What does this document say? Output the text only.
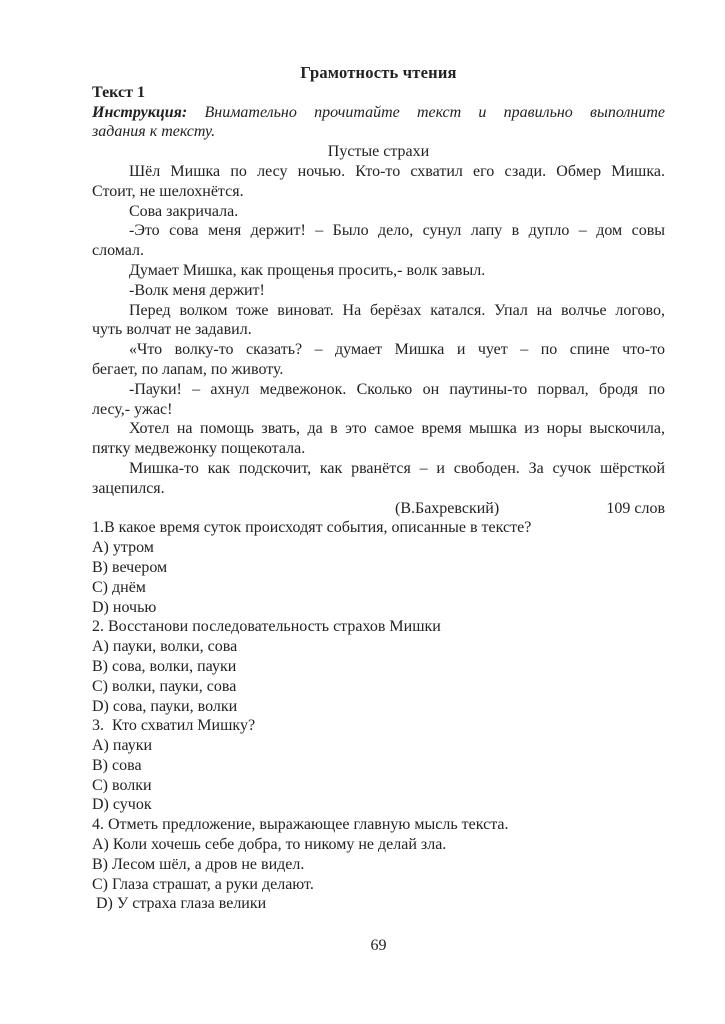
Грамотность чтения
Текст 1
Инструкция: Внимательно прочитайте текст и правильно выполните
задания к тексту.
Пустые страхи
Шёл Мишка по лесу ночью. Кто-то схватил его сзади. Обмер Мишка.
Стоит, не шелохнётся.
Сова закричала.
-Это сова меня держит! – Было дело, сунул лапу в дупло – дом совы
сломал.
Думает Мишка, как прощенья просить,- волк завыл.
-Волк меня держит!
Перед волком тоже виноват. На берёзах катался. Упал на волчье логово,
чуть волчат не задавил.
«Что волку-то сказать? – думает Мишка и чует – по спине что-то
бегает, по лапам, по животу.
-Пауки! – ахнул медвежонок. Сколько он паутины-то порвал, бродя по
лесу,- ужас!
Хотел на помощь звать, да в это самое время мышка из норы выскочила,
пятку медвежонку пощекотала.
Мишка-то как подскочит, как рванётся – и свободен. За сучок шёрсткой
зацепился.
(В.Бахревский)	109 слов
1.В какое время суток происходят события, описанные в тексте?
A) утром
B) вечером
C) днём
D) ночью
2. Восстанови последовательность страхов Мишки
A) пауки, волки, сова
B) сова, волки, пауки
C) волки, пауки, сова
D) сова, пауки, волки
3.  Кто схватил Мишку?
A) пауки
B) сова
C) волки
D) сучок
4. Отметь предложение, выражающее главную мысль текста.
A) Коли хочешь себе добра, то никому не делай зла.
B) Лесом шёл, а дров не видел.
C) Глаза страшат, а руки делают.
D) У страха глаза велики
69
